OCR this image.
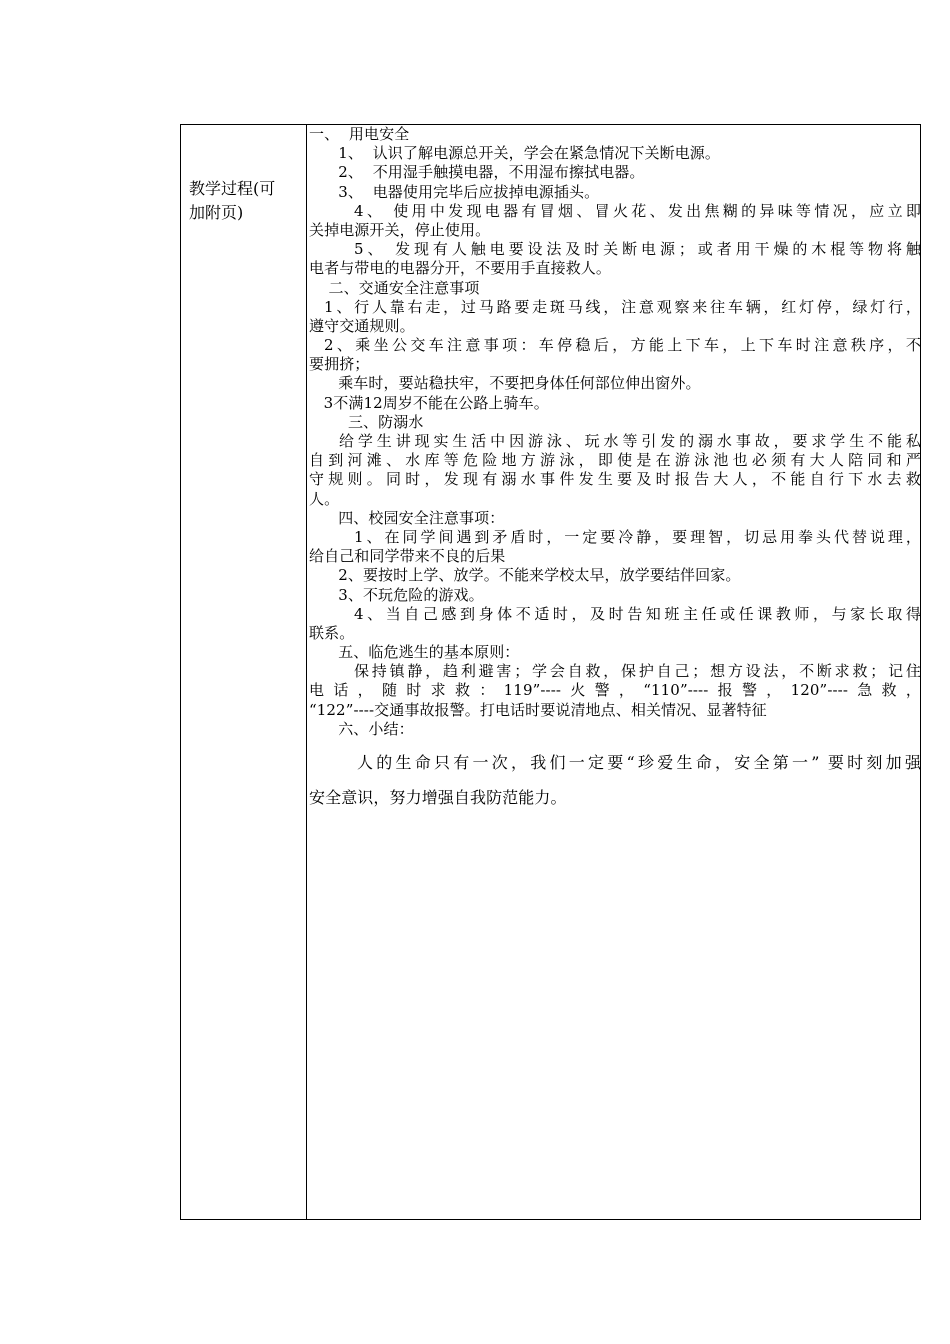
教学过程(可
加附页)
一、  用电安全
1、  认识了解电源总开关，学会在紧急情况下关断电源。
2、  不用湿手触摸电器，不用湿布擦拭电器。
3、  电器使用完毕后应拔掉电源插头。
4、 使用中发现电器有冒烟、冒火花、发出焦糊的异味等情况，应立即
关掉电源开关，停止使用。
5、 发现有人触电要设法及时关断电源；或者用干燥的木棍等物将触
电者与带电的电器分开，不要用手直接救人。
二、交通安全注意事项
1、行人靠右走，过马路要走斑马线，注意观察来往车辆，红灯停，绿灯行，
遵守交通规则。
2、乘坐公交车注意事项：车停稳后，方能上下车，上下车时注意秩序，不
要拥挤；
乘车时，要站稳扶牢，不要把身体任何部位伸出窗外。
3不满12周岁不能在公路上骑车。
三、防溺水
给学生讲现实生活中因游泳、玩水等引发的溺水事故，要求学生不能私
自到河滩、水库等危险地方游泳，即使是在游泳池也必须有大人陪同和严
守规则。同时，发现有溺水事件发生要及时报告大人，不能自行下水去救
人。
四、校园安全注意事项：
1、在同学间遇到矛盾时，一定要冷静，要理智，切忌用拳头代替说理，
给自己和同学带来不良的后果
2、要按时上学、放学。不能来学校太早，放学要结伴回家。
3、不玩危险的游戏。
4、当自己感到身体不适时，及时告知班主任或任课教师，与家长取得
联系。
五、临危逃生的基本原则：
保持镇静，趋利避害；学会自救，保护自己；想方设法，不断求救；记住
电话，随时求救：119”----火警，“110”----报警，120”----急救，
“122”----交通事故报警。打电话时要说清地点、相关情况、显著特征
六、小结：
人的生命只有一次，我们一定要“珍爱生命，安全第一” 要时刻加强
安全意识，努力增强自我防范能力。
